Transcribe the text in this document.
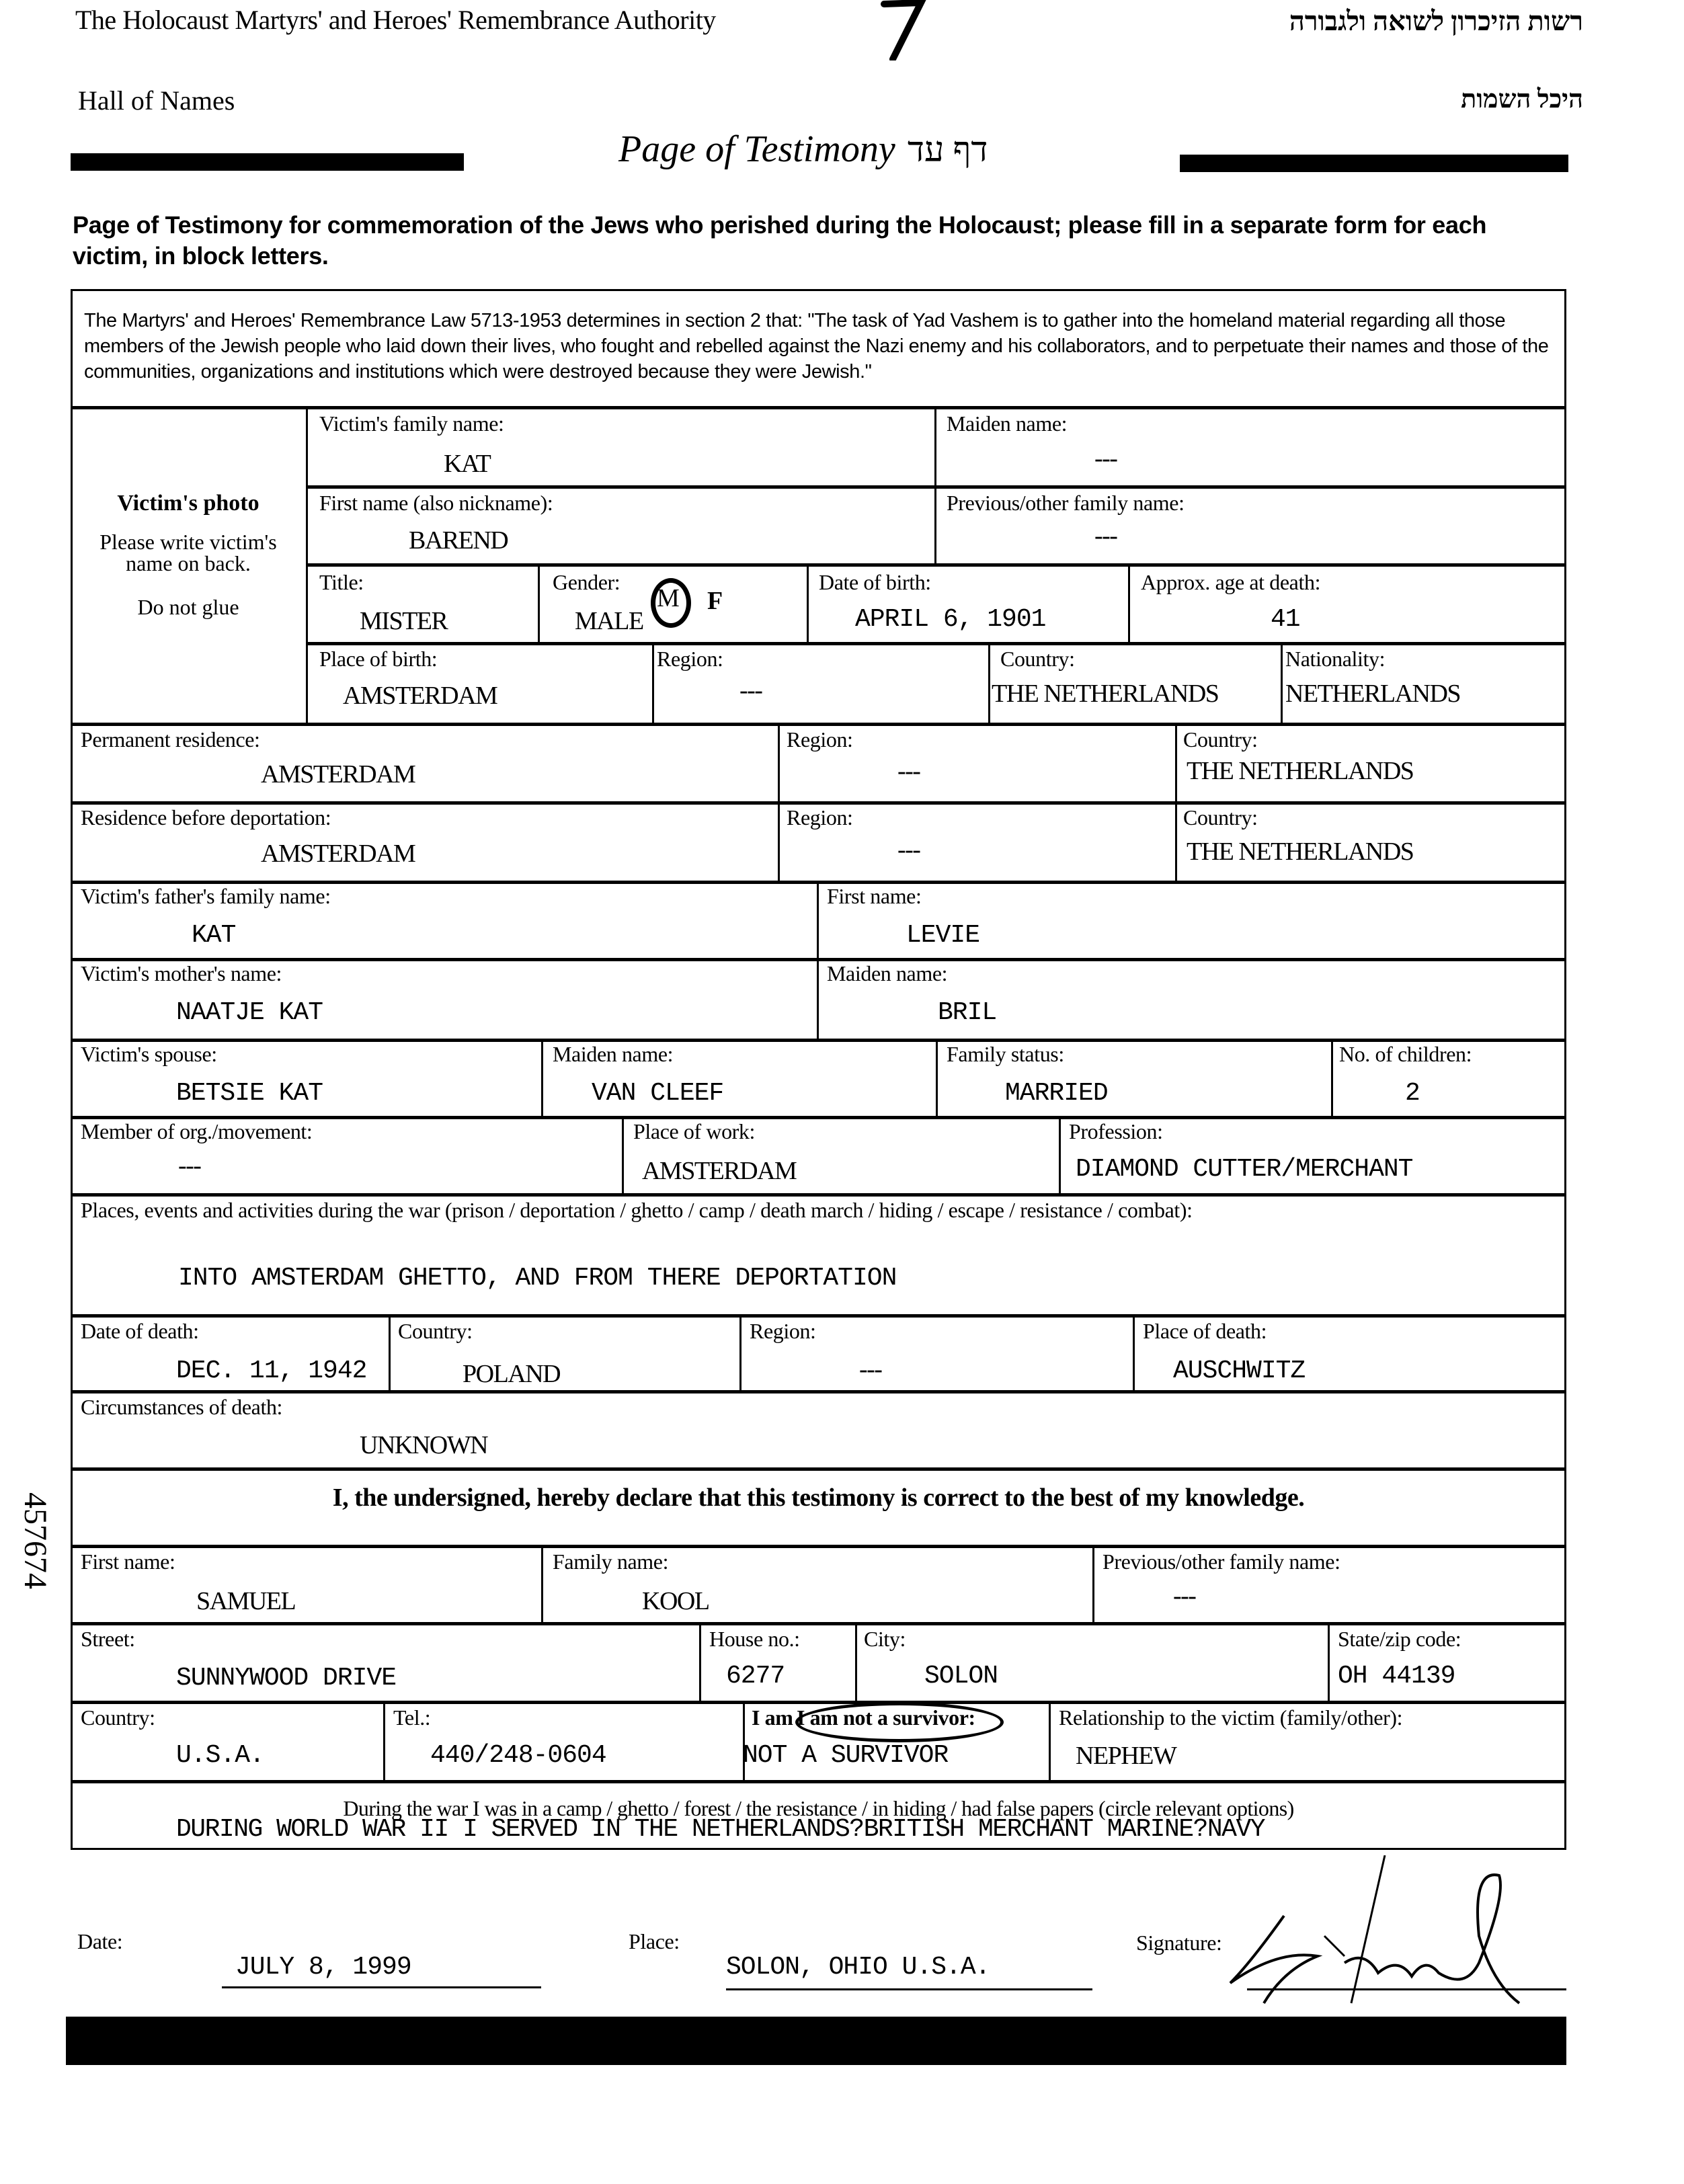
The Holocaust Martyrs' and Heroes' Remembrance Authority	רשות הזיכרון לשואה ולגבורה
Hall of Names	היכל השמות
Page of Testimony דף עד
Page of Testimony for commemoration of the Jews who perished during the Holocaust; please fill in a separate form for each victim, in block letters.
The Martyrs' and Heroes' Remembrance Law 5713-1953 determines in section 2 that: "The task of Yad Vashem is to gather into the homeland material regarding all those members of the Jewish people who laid down their lives, who fought and rebelled against the Nazi enemy and his collaborators, and to perpetuate their names and those of the communities, organizations and institutions which were destroyed because they were Jewish."
Victim's photo
Please write victim's name on back.
Do not glue
Victim's family name:
KAT
Maiden name:
---
First name (also nickname):
BAREND
Previous/other family name:
---
Title:
MISTER
Gender:
MALE
M F
Date of birth:
APRIL 6, 1901
Approx. age at death:
41
Place of birth:
AMSTERDAM
Region:
---
Country:
THE NETHERLANDS
Nationality:
NETHERLANDS
Permanent residence:
AMSTERDAM
Region:
---
Country:
THE NETHERLANDS
Residence before deportation:
AMSTERDAM
Region:
---
Country:
THE NETHERLANDS
Victim's father's family name:
KAT
First name:
LEVIE
Victim's mother's name:
NAATJE KAT
Maiden name:
BRIL
Victim's spouse:
BETSIE KAT
Maiden name:
VAN CLEEF
Family status:
MARRIED
No. of children:
2
Member of org./movement:
---
Place of work:
AMSTERDAM
Profession:
DIAMOND CUTTER/MERCHANT
Places, events and activities during the war (prison / deportation / ghetto / camp / death march / hiding / escape / resistance / combat):
INTO AMSTERDAM GHETTO, AND FROM THERE DEPORTATION
Date of death:
DEC. 11, 1942
Country:
POLAND
Region:
---
Place of death:
AUSCHWITZ
Circumstances of death:
UNKNOWN
I, the undersigned, hereby declare that this testimony is correct to the best of my knowledge.
First name:
SAMUEL
Family name:
KOOL
Previous/other family name:
---
Street:
SUNNYWOOD DRIVE
House no.:
6277
City:
SOLON
State/zip code:
OH 44139
Country:
U.S.A.
Tel.:
440/248-0604
I am I am not a survivor:
NOT A SURVIVOR
Relationship to the victim (family/other):
NEPHEW
During the war I was in a camp / ghetto / forest / the resistance / in hiding / had false papers (circle relevant options)
DURING WORLD WAR II I SERVED IN THE NETHERLANDS?BRITISH MERCHANT MARINE?NAVY
Date:
JULY 8, 1999
Place:
SOLON, OHIO U.S.A.
Signature:
457674
